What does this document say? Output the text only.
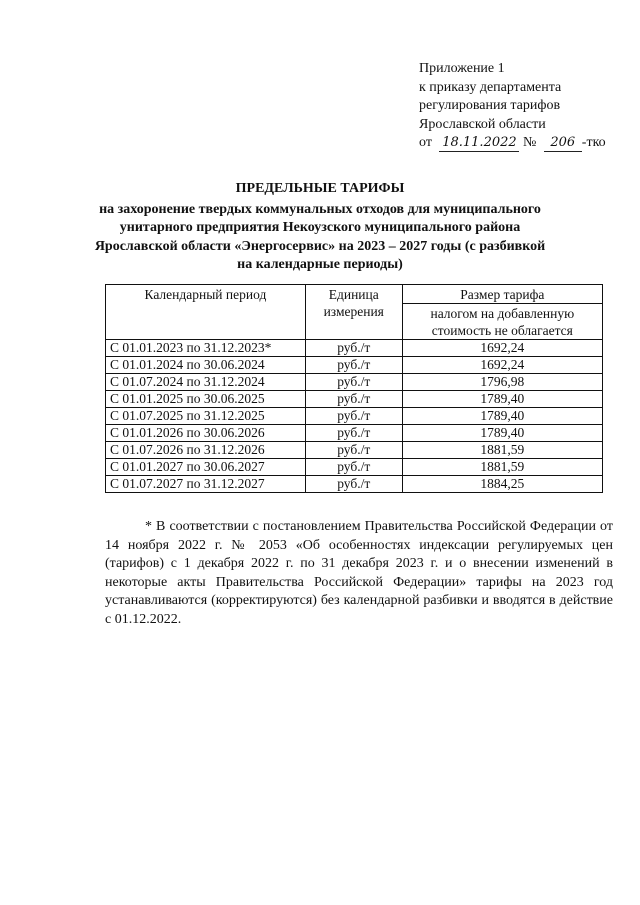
Приложение 1
к приказу департамента
регулирования тарифов
Ярославской области
от 18.11.2022 № 206 -тко
ПРЕДЕЛЬНЫЕ ТАРИФЫ
на захоронение твердых коммунальных отходов для муниципального унитарного предприятия Некоузского муниципального района Ярославской области «Энергосервис» на 2023 – 2027 годы (с разбивкой на календарные периоды)
Календарный период	Единица измерения	Размер тарифа
		налогом на добавленную стоимость не облагается
С 01.01.2023 по 31.12.2023*	руб./т	1692,24
С 01.01.2024 по 30.06.2024	руб./т	1692,24
С 01.07.2024 по 31.12.2024	руб./т	1796,98
С 01.01.2025 по 30.06.2025	руб./т	1789,40
С 01.07.2025 по 31.12.2025	руб./т	1789,40
С 01.01.2026 по 30.06.2026	руб./т	1789,40
С 01.07.2026 по 31.12.2026	руб./т	1881,59
С 01.01.2027 по 30.06.2027	руб./т	1881,59
С 01.07.2027 по 31.12.2027	руб./т	1884,25

* В соответствии с постановлением Правительства Российской Федерации от 14 ноября 2022 г. № 2053 «Об особенностях индексации регулируемых цен (тарифов) с 1 декабря 2022 г. по 31 декабря 2023 г. и о внесении изменений в некоторые акты Правительства Российской Федерации» тарифы на 2023 год устанавливаются (корректируются) без календарной разбивки и вводятся в действие с 01.12.2022.
